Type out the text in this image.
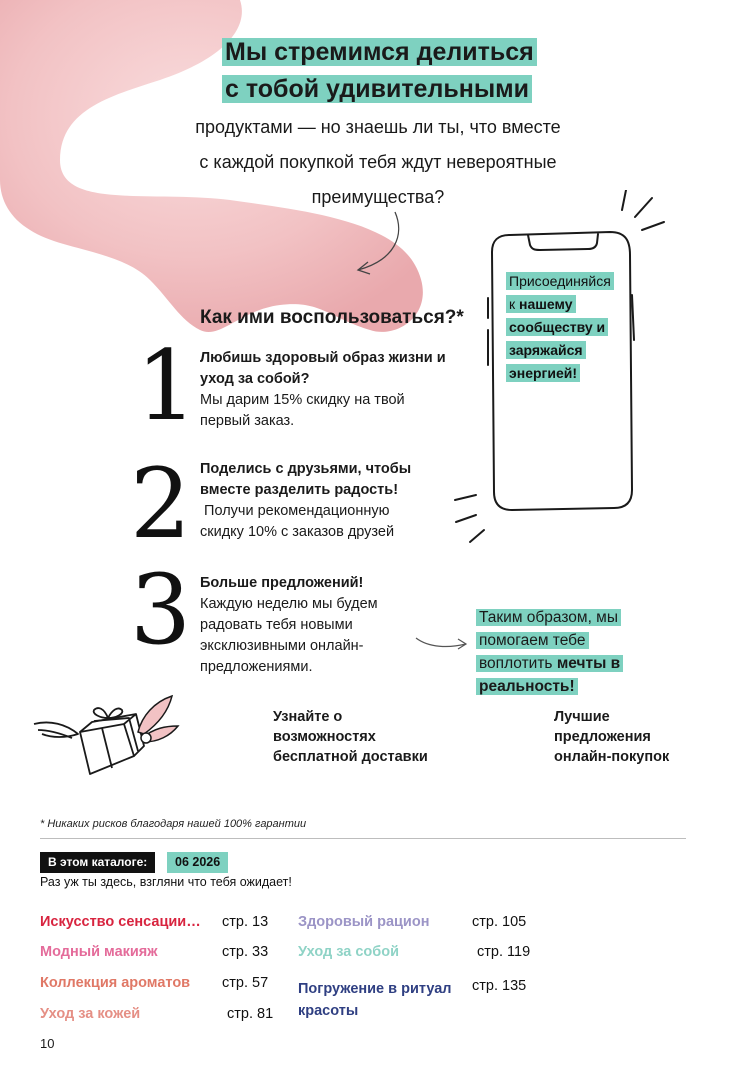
Мы стремимся делиться
с тобой удивительными
продуктами — но знаешь ли ты, что вместе
с каждой покупкой тебя ждут невероятные
преимущества?
Как ими воспользоваться?*
1 Любишь здоровый образ жизни и
уход за собой?
Мы дарим 15% скидку на твой
первый заказ.
2 Поделись с друзьями, чтобы
вместе разделить радость!
Получи рекомендационную
скидку 10% с заказов друзей
3 Больше предложений!
Каждую неделю мы будем
радовать тебя новыми
эксклюзивными онлайн-
предложениями.
Присоединяйся
к нашему
сообществу и
заряжайся
энергией!
Таким образом, мы
помогаем тебе
воплотить мечты в
реальность!
Узнайте о
возможностях
бесплатной доставки
Лучшие
предложения
онлайн-покупок
* Никаких рисков благодаря нашей 100% гарантии
В этом каталоге:	06 2026
Раз уж ты здесь, взгляни что тебя ожидает!
Искусство сенсации… стр. 13
Модный макияж	стр. 33
Коллекция ароматов стр. 57
Уход за кожей	стр. 81
Здоровый рацион	стр. 105
Уход за собой	стр. 119
Погружение в ритуал
красоты
стр. 135
10
